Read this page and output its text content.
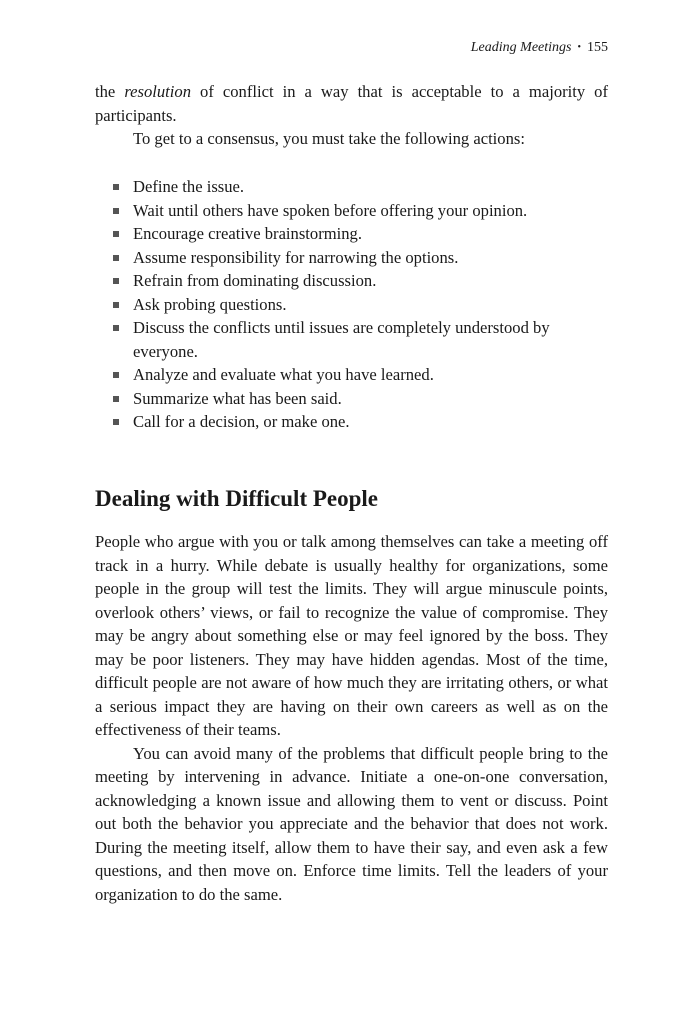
Leading Meetings • 155

the resolution of conflict in a way that is acceptable to a majority of participants.

To get to a consensus, you must take the following actions:

Define the issue.
Wait until others have spoken before offering your opinion.
Encourage creative brainstorming.
Assume responsibility for narrowing the options.
Refrain from dominating discussion.
Ask probing questions.
Discuss the conflicts until issues are completely understood by everyone.
Analyze and evaluate what you have learned.
Summarize what has been said.
Call for a decision, or make one.
Dealing with Difficult People

People who argue with you or talk among themselves can take a meeting off track in a hurry. While debate is usually healthy for organizations, some people in the group will test the limits. They will argue minuscule points, overlook others’ views, or fail to recognize the value of compromise. They may be angry about something else or may feel ignored by the boss. They may be poor listeners. They may have hidden agendas. Most of the time, difficult people are not aware of how much they are irritating others, or what a serious impact they are having on their own careers as well as on the effectiveness of their teams.

You can avoid many of the problems that difficult people bring to the meeting by intervening in advance. Initiate a one-on-one conversation, acknowledging a known issue and allowing them to vent or discuss. Point out both the behavior you appreciate and the behavior that does not work. During the meeting itself, allow them to have their say, and even ask a few questions, and then move on. Enforce time limits. Tell the leaders of your organization to do the same.
